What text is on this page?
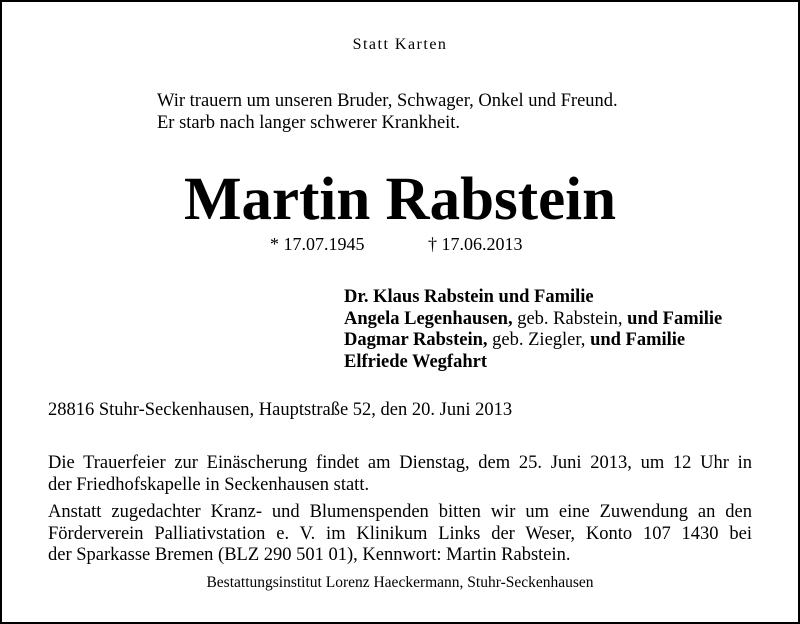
Statt Karten
Wir trauern um unseren Bruder, Schwager, Onkel und Freund.
Er starb nach langer schwerer Krankheit.
Martin Rabstein
* 17.07.1945	† 17.06.2013
Dr. Klaus Rabstein und Familie
Angela Legenhausen, geb. Rabstein, und Familie
Dagmar Rabstein, geb. Ziegler, und Familie
Elfriede Wegfahrt
28816 Stuhr-Seckenhausen, Hauptstraße 52, den 20. Juni 2013
Die Trauerfeier zur Einäscherung findet am Dienstag, dem 25. Juni 2013, um 12 Uhr in
der Friedhofskapelle in Seckenhausen statt.
Anstatt zugedachter Kranz- und Blumenspenden bitten wir um eine Zuwendung an den
Förderverein Palliativstation e. V. im Klinikum Links der Weser, Konto 107 1430 bei
der Sparkasse Bremen (BLZ 290 501 01), Kennwort: Martin Rabstein.
Bestattungsinstitut Lorenz Haeckermann, Stuhr-Seckenhausen
